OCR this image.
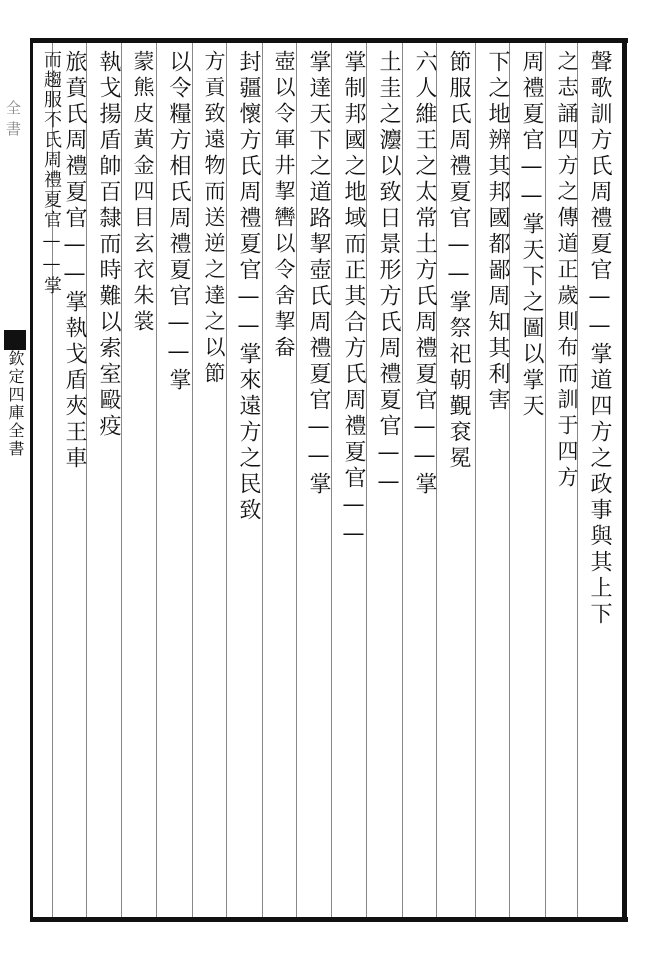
全書
欽定四庫全書	聲歌訓方氏周禮夏官——掌道四方之政事與其上下
之志誦四方之傳道正歲則布而訓于四方
周禮夏官——掌天下之圖以掌天
下之地辨其邦國都鄙周知其利害
節服氏周禮夏官——掌祭祀朝覲袞冕
六人維王之太常土方氏周禮夏官——掌
土圭之灋以致日景形方氏周禮夏官——
掌制邦國之地域而正其合方氏周禮夏官——
掌達天下之道路挈壺氏周禮夏官——掌
壺以令軍井挈轡以令舍挈畚
封疆懷方氏周禮夏官——掌來遠方之民致
方貢致遠物而送逆之達之以節
以令糧方相氏周禮夏官——掌
蒙熊皮黃金四目玄衣朱裳
執戈揚盾帥百隸而時難以索室毆疫
旅賁氏周禮夏官——掌執戈盾夾王車
而趨服不氏周禮夏官——掌
